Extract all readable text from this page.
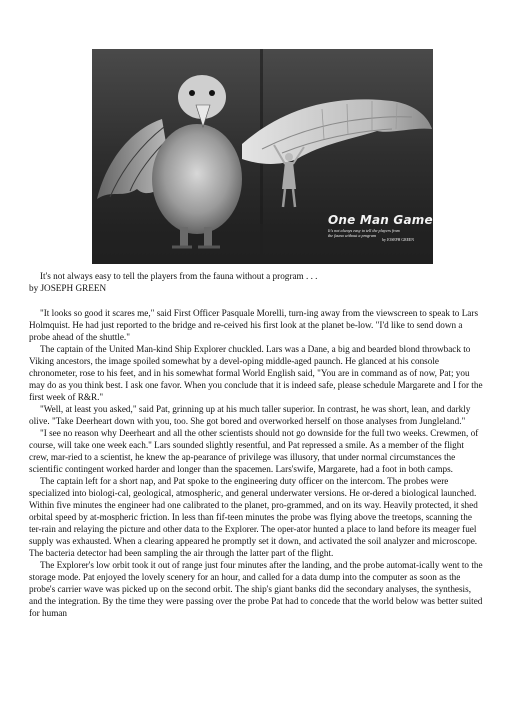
One Man Game
It's not always easy to tell the players from the fauna without a program
by JOSEPH GREEN

It's not always easy to tell the players from the fauna without a program . . .

by JOSEPH GREEN

"It looks so good it scares me," said First Officer Pasquale Morelli, turn-ing away from the viewscreen to speak to Lars Holmquist. He had just reported to the bridge and re-ceived his first look at the planet be-low. "I'd like to send down a probe ahead of the shuttle."

The captain of the United Man-kind Ship Explorer chuckled. Lars was a Dane, a big and bearded blond throwback to Viking ancestors, the image spoiled somewhat by a devel-oping middle-aged paunch. He glanced at his console chronometer, rose to his feet, and in his somewhat formal World English said, "You are in command as of now, Pat; you may do as you think best. I ask one favor. When you conclude that it is indeed safe, please schedule Margarete and I for the first week of R&R."

"Well, at least you asked," said Pat, grinning up at his much taller superior. In contrast, he was short, lean, and darkly olive. "Take Deerheart down with you, too. She got bored and overworked herself on those analyses from Jungleland."

"I see no reason why Deerheart and all the other scientists should not go downside for the full two weeks. Crewmen, of course, will take one week each." Lars sounded slightly resentful, and Pat repressed a smile. As a member of the flight crew, mar-ried to a scientist, he knew the ap-pearance of privilege was illusory, that under normal circumstances the scientific contingent worked harder and longer than the spacemen. Lars'swife, Margarete, had a foot in both camps.

The captain left for a short nap, and Pat spoke to the engineering duty officer on the intercom. The probes were specialized into biologi-cal, geological, atmospheric, and general underwater versions. He or-dered a biological launched. Within five minutes the engineer had one calibrated to the planet, pro-grammed, and on its way. Heavily protected, it shed orbital speed by at-mospheric friction. In less than fif-teen minutes the probe was flying above the treetops, scanning the ter-rain and relaying the picture and other data to the Explorer. The oper-ator hunted a place to land before its meager fuel supply was exhausted. When a clearing appeared he promptly set it down, and activated the soil analyzer and microscope. The bacteria detector had been sampling the air through the latter part of the flight.

The Explorer's low orbit took it out of range just four minutes after the landing, and the probe automat-ically went to the storage mode. Pat enjoyed the lovely scenery for an hour, and called for a data dump into the computer as soon as the probe's carrier wave was picked up on the second orbit. The ship's giant banks did the secondary analyses, the synthesis, and the integration. By the time they were passing over the probe Pat had to concede that the world below was better suited for human
